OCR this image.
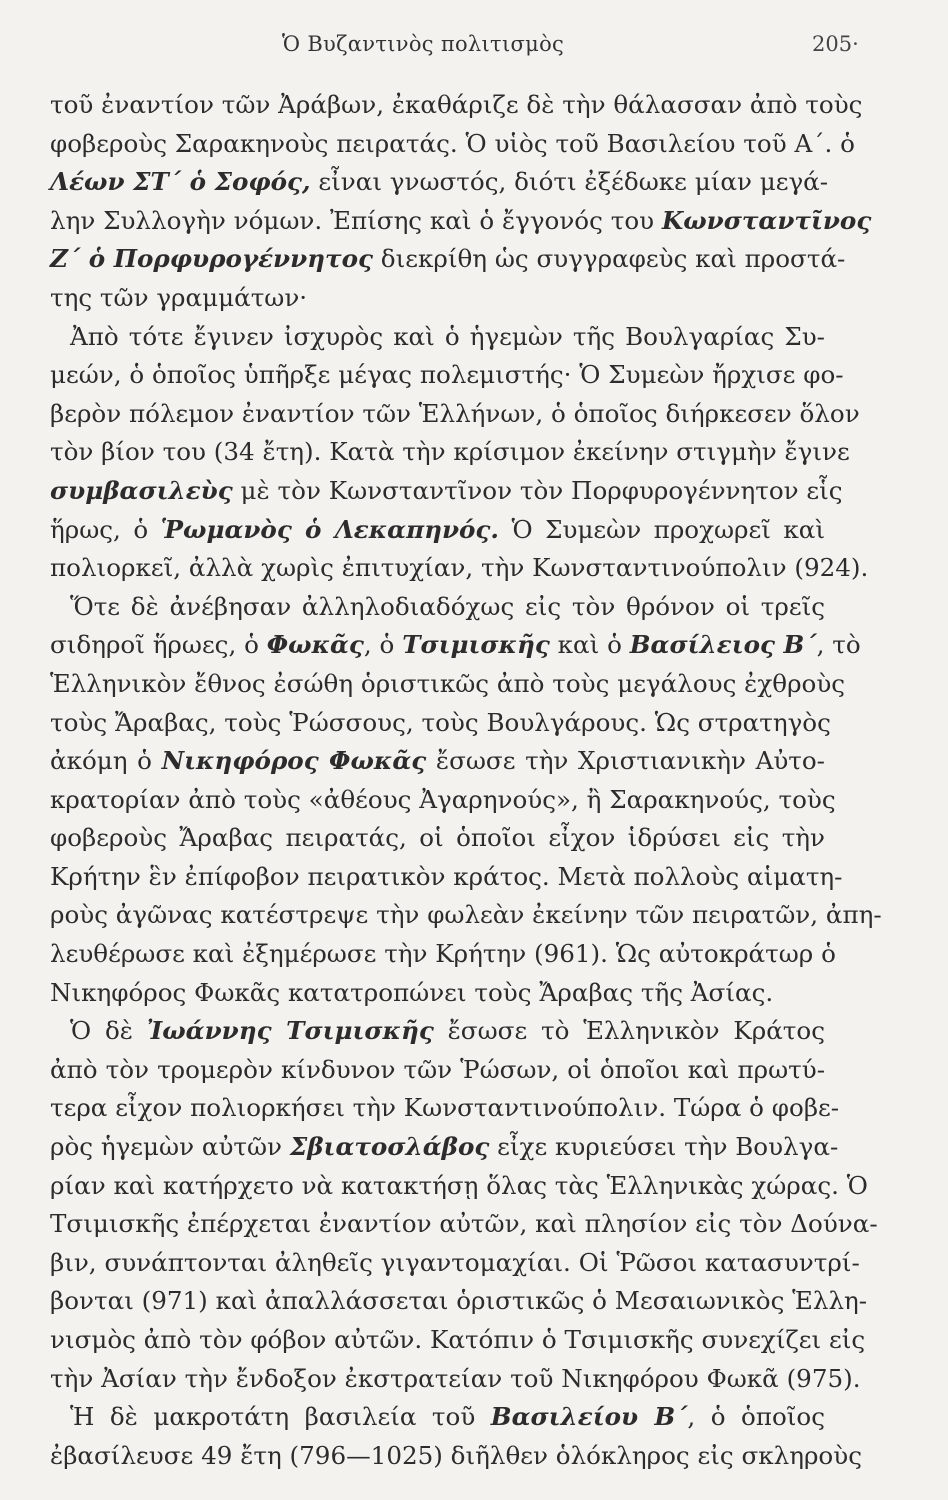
Ὁ Βυζαντινὸς πολιτισμὸς	205·
τοῦ ἐναντίον τῶν Ἀράβων, ἐκαθάριζε δὲ τὴν θάλασσαν ἀπὸ τοὺς
φοβεροὺς Σαρακηνοὺς πειρατάς. Ὁ υἱὸς τοῦ Βασιλείου τοῦ Α΄. ὁ
Λέων ΣΤ΄ ὁ Σοφός, εἶναι γνωστός, διότι ἐξέδωκε μίαν μεγά-
λην Συλλογὴν νόμων. Ἐπίσης καὶ ὁ ἔγγονός του Κωνσταντῖνος
Ζ΄ ὁ Πορφυρογέννητος διεκρίθη ὡς συγγραφεὺς καὶ προστά-
της τῶν γραμμάτων·
Ἀπὸ τότε ἔγινεν ἰσχυρὸς καὶ ὁ ἡγεμὼν τῆς Βουλγαρίας Συ-
μεών, ὁ ὁποῖος ὑπῆρξε μέγας πολεμιστής· Ὁ Συμεὼν ἤρχισε φο-
βερὸν πόλεμον ἐναντίον τῶν Ἑλλήνων, ὁ ὁποῖος διήρκεσεν ὅλον
τὸν βίον του (34 ἔτη). Κατὰ τὴν κρίσιμον ἐκείνην στιγμὴν ἔγινε
συμβασιλεὺς μὲ τὸν Κωνσταντῖνον τὸν Πορφυρογέννητον εἷς
ἥρως, ὁ Ῥωμανὸς ὁ Λεκαπηνός. Ὁ Συμεὼν προχωρεῖ καὶ
πολιορκεῖ, ἀλλὰ χωρὶς ἐπιτυχίαν, τὴν Κωνσταντινούπολιν (924).
Ὅτε δὲ ἀνέβησαν ἀλληλοδιαδόχως εἰς τὸν θρόνον οἱ τρεῖς
σιδηροῖ ἥρωες, ὁ Φωκᾶς, ὁ Τσιμισκῆς καὶ ὁ Βασίλειος Β΄, τὸ
Ἑλληνικὸν ἔθνος ἐσώθη ὁριστικῶς ἀπὸ τοὺς μεγάλους ἐχθροὺς
τοὺς Ἄραβας, τοὺς Ῥώσσους, τοὺς Βουλγάρους. Ὡς στρατηγὸς
ἀκόμη ὁ Νικηφόρος Φωκᾶς ἔσωσε τὴν Χριστιανικὴν Αὐτο-
κρατορίαν ἀπὸ τοὺς «ἀθέους Ἀγαρηνούς», ἢ Σαρακηνούς, τοὺς
φοβεροὺς Ἄραβας πειρατάς, οἱ ὁποῖοι εἶχον ἱδρύσει εἰς τὴν
Κρήτην ἓν ἐπίφοβον πειρατικὸν κράτος. Μετὰ πολλοὺς αἱματη-
ροὺς ἀγῶνας κατέστρεψε τὴν φωλεὰν ἐκείνην τῶν πειρατῶν, ἀπη-
λευθέρωσε καὶ ἐξημέρωσε τὴν Κρήτην (961). Ὡς αὐτοκράτωρ ὁ
Νικηφόρος Φωκᾶς κατατροπώνει τοὺς Ἄραβας τῆς Ἀσίας.
Ὁ δὲ Ἰωάννης Τσιμισκῆς ἔσωσε τὸ Ἑλληνικὸν Κράτος
ἀπὸ τὸν τρομερὸν κίνδυνον τῶν Ῥώσων, οἱ ὁποῖοι καὶ πρωτύ-
τερα εἶχον πολιορκήσει τὴν Κωνσταντινούπολιν. Τώρα ὁ φοβε-
ρὸς ἡγεμὼν αὐτῶν Σβιατοσλάβος εἶχε κυριεύσει τὴν Βουλγα-
ρίαν καὶ κατήρχετο νὰ κατακτήσῃ ὅλας τὰς Ἑλληνικὰς χώρας. Ὁ
Τσιμισκῆς ἐπέρχεται ἐναντίον αὐτῶν, καὶ πλησίον εἰς τὸν Δούνα-
βιν, συνάπτονται ἀληθεῖς γιγαντομαχίαι. Οἱ Ῥῶσοι κατασυντρί-
βονται (971) καὶ ἀπαλλάσσεται ὁριστικῶς ὁ Μεσαιωνικὸς Ἑλλη-
νισμὸς ἀπὸ τὸν φόβον αὐτῶν. Κατόπιν ὁ Τσιμισκῆς συνεχίζει εἰς
τὴν Ἀσίαν τὴν ἔνδοξον ἐκστρατείαν τοῦ Νικηφόρου Φωκᾶ (975).
Ἡ δὲ μακροτάτη βασιλεία τοῦ Βασιλείου Β΄, ὁ ὁποῖος
ἐβασίλευσε 49 ἔτη (796—1025) διῆλθεν ὁλόκληρος εἰς σκληροὺς
